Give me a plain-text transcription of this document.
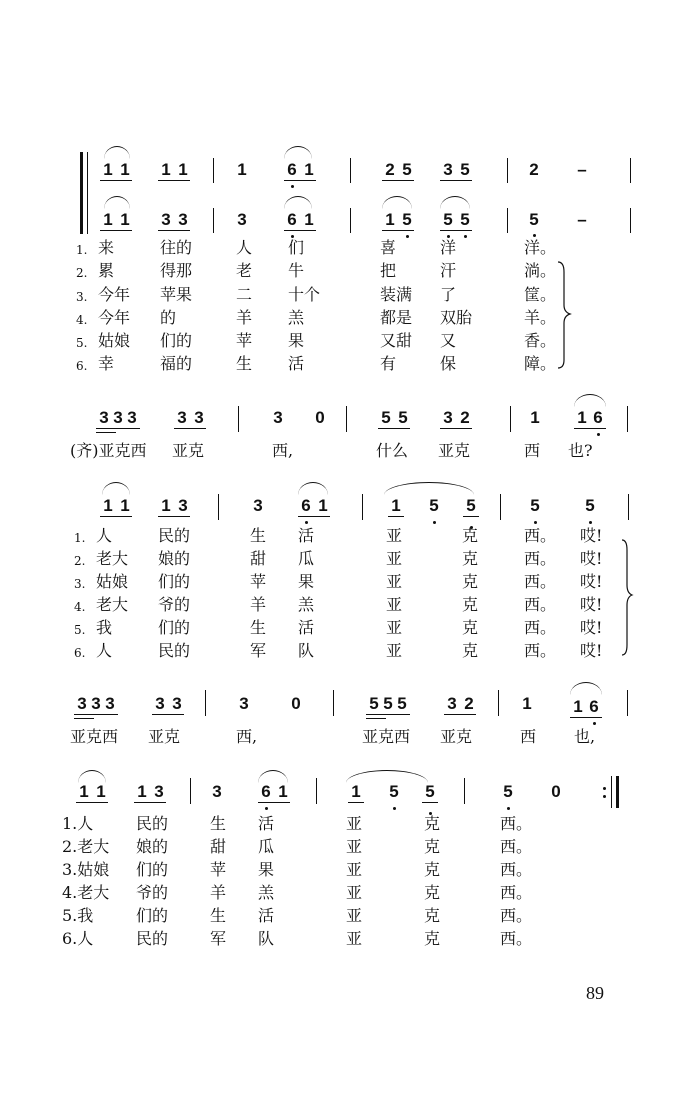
1 1	1 1	1	6 1	2 5	3 5	2	–
1 1	3 3	3	6 1	1 5	5 5	5	–
1. 来	往的	人 们	喜	洋	洋。
2. 累	得那	老 牛	把	汗	淌。
3. 今年 苹果	二 十个	装满 了	筐。
4. 今年 的	羊 羔	都是 双胎	羊。
5. 姑娘 们的	苹 果	又甜 又	香。
6. 幸	福的	生 活	有	保	障。
3 3 3	3 3	3	0	5 5	3 2	1	1 6
(齐)亚克西 亚克	西,	什么 亚克	西 也?
1 1	1 3	3	6 1	1	5	5	5	5
1. 人	民的	生 活	亚	克	西。 哎!
2. 老大 娘的	甜 瓜	亚	克	西。 哎!
3. 姑娘 们的	苹 果	亚	克	西。 哎!
4. 老大 爷的	羊 羔	亚	克	西。 哎!
5. 我	们的	生 活	亚	克	西。 哎!
6. 人	民的	军 队	亚	克	西。 哎!
3 3 3	3 3	3	0	5 5 5	3 2	1	1 6
亚克西 亚克	西,	亚克西 亚克	西 也,
1 1	1 3	3	6 1	1	5	5	5	0
1.人	民的	生 活	亚	克	西。
2.老大 娘的	甜 瓜	亚	克	西。
3.姑娘 们的	苹 果	亚	克	西。
4.老大 爷的	羊 羔	亚	克	西。
5.我	们的	生 活	亚	克	西。
6.人	民的	军 队	亚	克	西。
89
